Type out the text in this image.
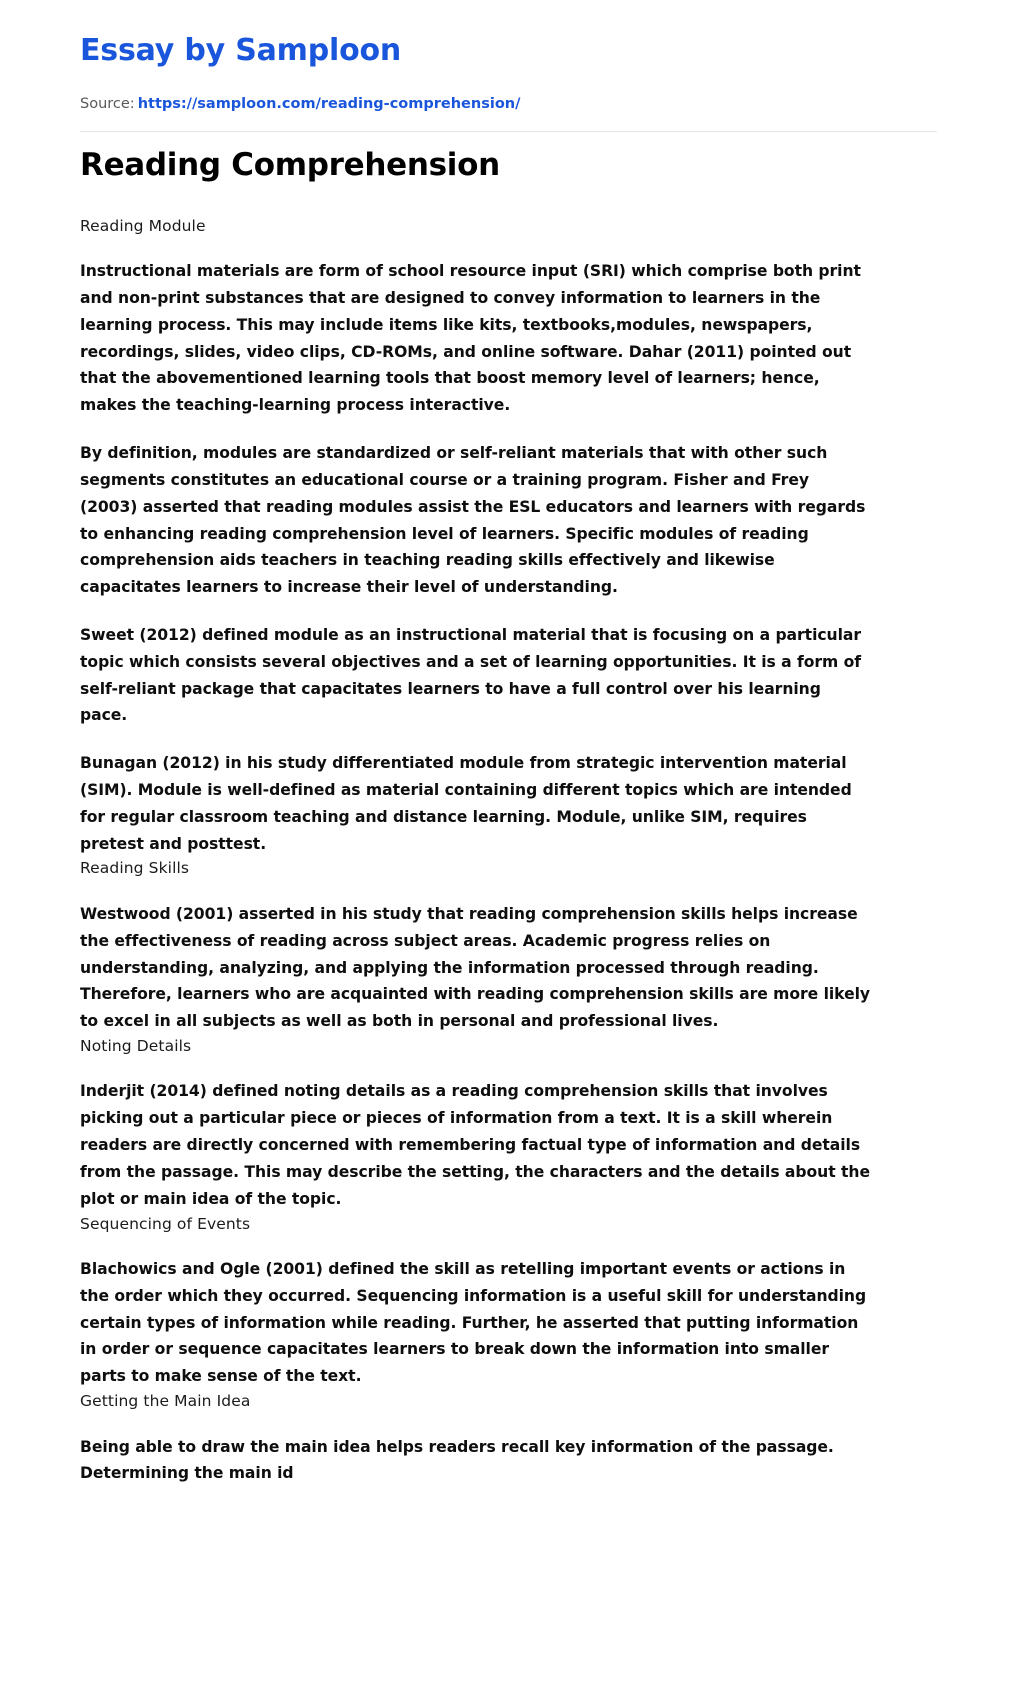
Essay by Samploon
Source: https://samploon.com/reading-comprehension/
Reading Comprehension
Reading Module

Instructional materials are form of school resource input (SRI) which comprise both print and non-print substances that are designed to convey information to learners in the learning process. This may include items like kits, textbooks,modules, newspapers, recordings, slides, video clips, CD-ROMs, and online software. Dahar (2011) pointed out that the abovementioned learning tools that boost memory level of learners; hence, makes the teaching-learning process interactive.

By definition, modules are standardized or self-reliant materials that with other such segments constitutes an educational course or a training program. Fisher and Frey (2003) asserted that reading modules assist the ESL educators and learners with regards to enhancing reading comprehension level of learners. Specific modules of reading comprehension aids teachers in teaching reading skills effectively and likewise capacitates learners to increase their level of understanding.

Sweet (2012) defined module as an instructional material that is focusing on a particular topic which consists several objectives and a set of learning opportunities. It is a form of self-reliant package that capacitates learners to have a full control over his learning pace.

Bunagan (2012) in his study differentiated module from strategic intervention material (SIM). Module is well-defined as material containing different topics which are intended for regular classroom teaching and distance learning. Module, unlike SIM, requires pretest and posttest.

Reading Skills

Westwood (2001) asserted in his study that reading comprehension skills helps increase the effectiveness of reading across subject areas. Academic progress relies on understanding, analyzing, and applying the information processed through reading. Therefore, learners who are acquainted with reading comprehension skills are more likely to excel in all subjects as well as both in personal and professional lives.

Noting Details

Inderjit (2014) defined noting details as a reading comprehension skills that involves picking out a particular piece or pieces of information from a text. It is a skill wherein readers are directly concerned with remembering factual type of information and details from the passage. This may describe the setting, the characters and the details about the plot or main idea of the topic.

Sequencing of Events

Blachowics and Ogle (2001) defined the skill as retelling important events or actions in the order which they occurred. Sequencing information is a useful skill for understanding certain types of information while reading. Further, he asserted that putting information in order or sequence capacitates learners to break down the information into smaller parts to make sense of the text.

Getting the Main Idea

Being able to draw the main idea helps readers recall key information of the passage. Determining the main id
